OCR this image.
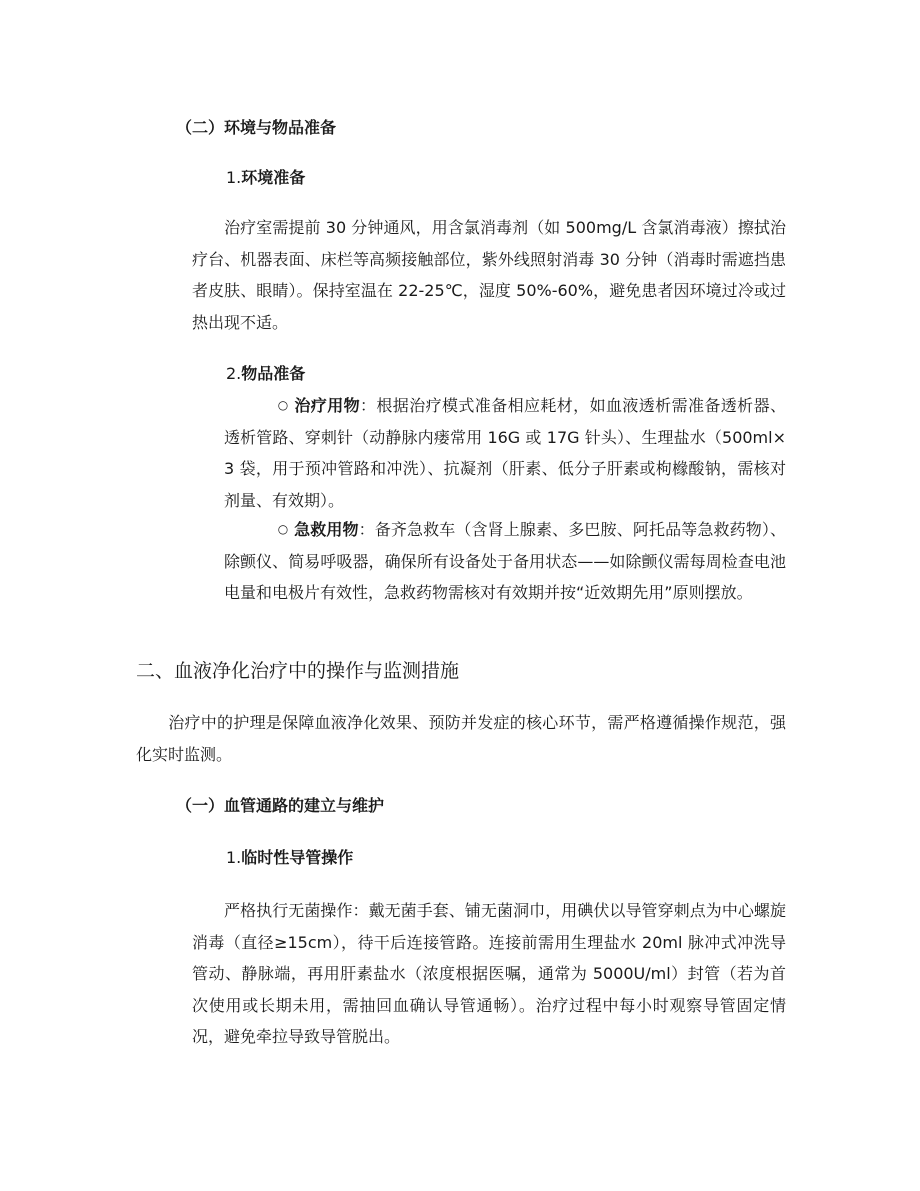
（二）环境与物品准备
1.环境准备

治疗室需提前 30 分钟通风，用含氯消毒剂（如 500mg/L 含氯消毒液）擦拭治疗台、机器表面、床栏等高频接触部位，紫外线照射消毒 30 分钟（消毒时需遮挡患者皮肤、眼睛）。保持室温在 22-25℃，湿度 50%-60%，避免患者因环境过冷或过热出现不适。

2.物品准备
○ 治疗用物：根据治疗模式准备相应耗材，如血液透析需准备透析器、透析管路、穿刺针（动静脉内瘘常用 16G 或 17G 针头）、生理盐水（500ml×3 袋，用于预冲管路和冲洗）、抗凝剂（肝素、低分子肝素或枸橼酸钠，需核对剂量、有效期）。
○ 急救用物：备齐急救车（含肾上腺素、多巴胺、阿托品等急救药物）、除颤仪、简易呼吸器，确保所有设备处于备用状态——如除颤仪需每周检查电池电量和电极片有效性，急救药物需核对有效期并按“近效期先用”原则摆放。
二、血液净化治疗中的操作与监测措施

治疗中的护理是保障血液净化效果、预防并发症的核心环节，需严格遵循操作规范，强化实时监测。

（一）血管通路的建立与维护
1.临时性导管操作

严格执行无菌操作：戴无菌手套、铺无菌洞巾，用碘伏以导管穿刺点为中心螺旋消毒（直径≥15cm），待干后连接管路。连接前需用生理盐水 20ml 脉冲式冲洗导管动、静脉端，再用肝素盐水（浓度根据医嘱，通常为 5000U/ml）封管（若为首次使用或长期未用，需抽回血确认导管通畅）。治疗过程中每小时观察导管固定情况，避免牵拉导致导管脱出。
